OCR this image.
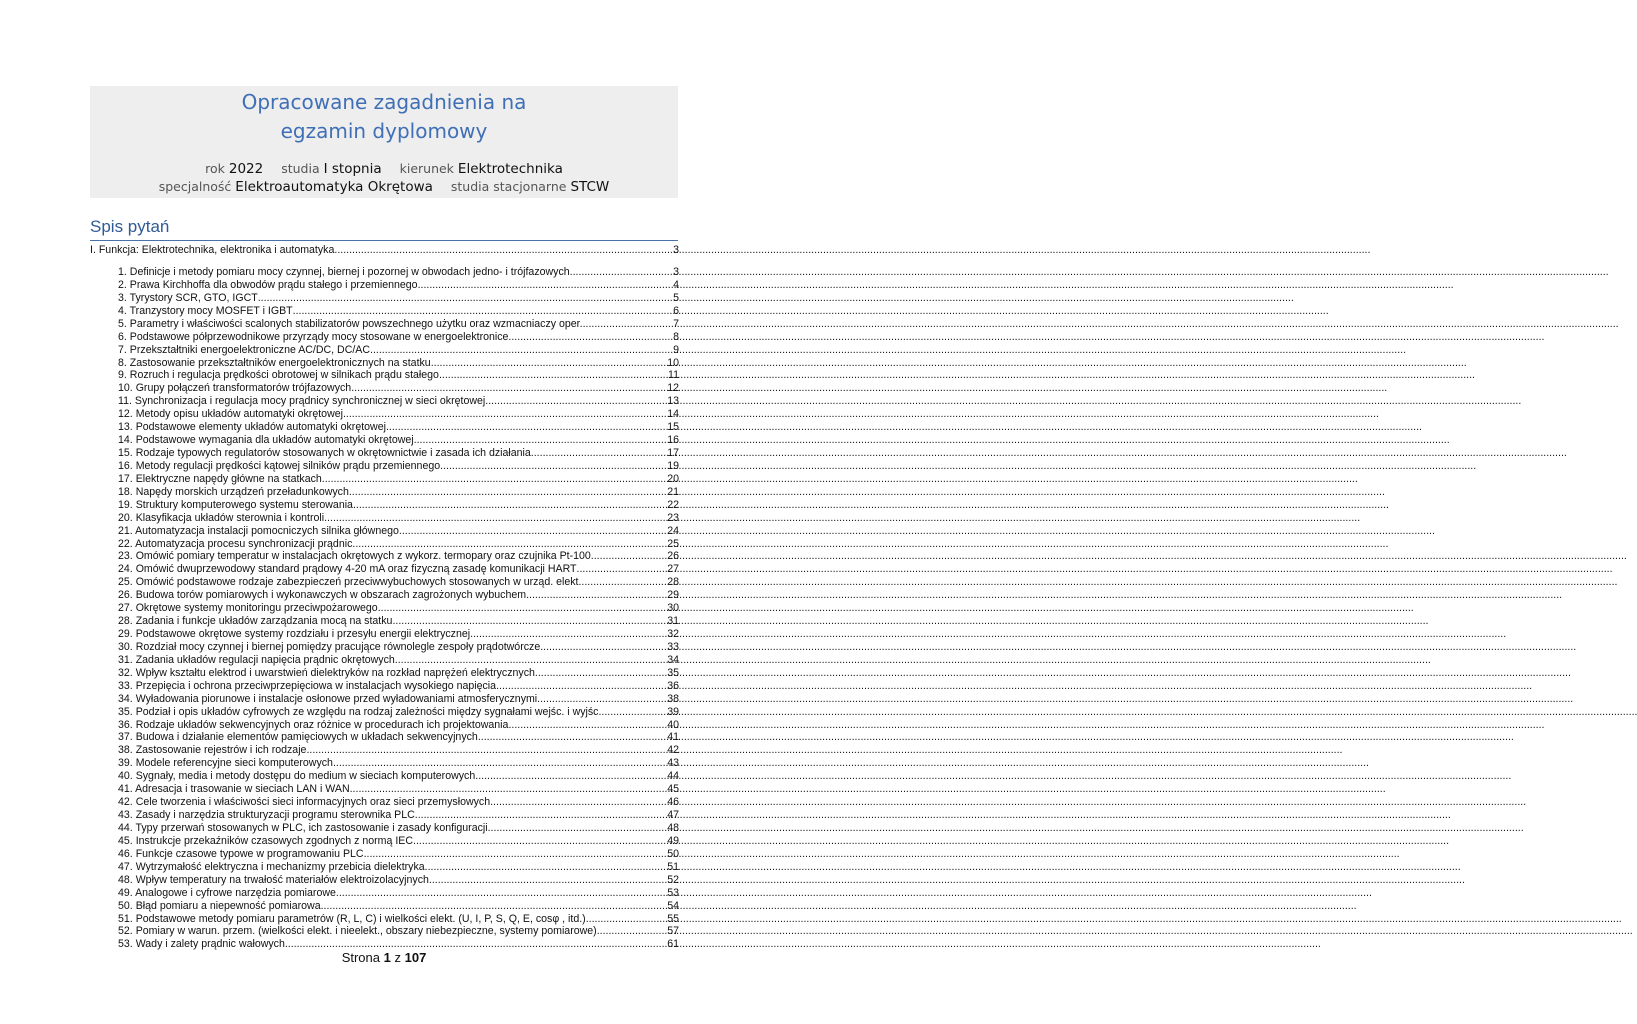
Opracowane zagadnienia na
egzamin dyplomowy
rok 2022 studia I stopnia kierunek Elektrotechnika
specjalność Elektroautomatyka Okrętowa studia stacjonarne STCW
Spis pytań
I. Funkcja: Elektrotechnika, elektronika i automatyka .....	3
1. Definicje i metody pomiaru mocy czynnej, biernej i pozornej w obwodach jedno- i trójfazowych. .....	3
2. Prawa Kirchhoffa dla obwodów prądu stałego i przemiennego .....	4
3. Tyrystory SCR, GTO, IGCT .....	5
4. Tranzystory mocy MOSFET i IGBT .....	6
5. Parametry i właściwości scalonych stabilizatorów powszechnego użytku oraz wzmacniaczy oper. .....	7
6. Podstawowe półprzewodnikowe przyrządy mocy stosowane w energoelektronice .....	8
7. Przekształtniki energoelektroniczne AC/DC, DC/AC .....	9
8. Zastosowanie przekształtników energoelektronicznych na statku .....	10
9. Rozruch i regulacja prędkości obrotowej w silnikach prądu stałego .....	11
10. Grupy połączeń transformatorów trójfazowych .....	12
11. Synchronizacja i regulacja mocy prądnicy synchronicznej w sieci okrętowej .....	13
12. Metody opisu układów automatyki okrętowej .....	14
13. Podstawowe elementy układów automatyki okrętowej .....	15
14. Podstawowe wymagania dla układów automatyki okrętowej .....	16
15. Rodzaje typowych regulatorów stosowanych w okrętownictwie i zasada ich działania .....	17
16. Metody regulacji prędkości kątowej silników prądu przemiennego .....	19
17. Elektryczne napędy główne na statkach .....	20
18. Napędy morskich urządzeń przeładunkowych .....	21
19. Struktury komputerowego systemu sterowania .....	22
20. Klasyfikacja układów sterownia i kontroli .....	23
21. Automatyzacja instalacji pomocniczych silnika głównego .....	24
22. Automatyzacja procesu synchronizacji prądnic .....	25
23. Omówić pomiary temperatur w instalacjach okrętowych z wykorz. termopary oraz czujnika Pt-100 .....	26
24. Omówić dwuprzewodowy standard prądowy 4-20 mA oraz fizyczną zasadę komunikacji HART .....	27
25. Omówić podstawowe rodzaje zabezpieczeń przeciwwybuchowych stosowanych w urząd. elekt. .....	28
26. Budowa torów pomiarowych i wykonawczych w obszarach zagrożonych wybuchem .....	29
27. Okrętowe systemy monitoringu przeciwpożarowego .....	30
28. Zadania i funkcje układów zarządzania mocą na statku .....	31
29. Podstawowe okrętowe systemy rozdziału i przesyłu energii elektrycznej .....	32
30. Rozdział mocy czynnej i biernej pomiędzy pracujące równolegle zespoły prądotwórcze .....	33
31. Zadania układów regulacji napięcia prądnic okrętowych .....	34
32. Wpływ kształtu elektrod i uwarstwień dielektryków na rozkład naprężeń elektrycznych .....	35
33. Przepięcia i ochrona przeciwprzepięciowa w instalacjach wysokiego napięcia .....	36
34. Wyładowania piorunowe i instalacje osłonowe przed wyładowaniami atmosferycznymi .....	38
35. Podział i opis układów cyfrowych ze względu na rodzaj zależności między sygnałami wejśc. i wyjśc. .....	39
36. Rodzaje układów sekwencyjnych oraz różnice w procedurach ich projektowania .....	40
37. Budowa i działanie elementów pamięciowych w układach sekwencyjnych .....	41
38. Zastosowanie rejestrów i ich rodzaje .....	42
39. Modele referencyjne sieci komputerowych .....	43
40. Sygnały, media i metody dostępu do medium w sieciach komputerowych .....	44
41. Adresacja i trasowanie w sieciach LAN i WAN .....	45
42. Cele tworzenia i właściwości sieci informacyjnych oraz sieci przemysłowych .....	46
43. Zasady i narzędzia strukturyzacji programu sterownika PLC .....	47
44. Typy przerwań stosowanych w PLC, ich zastosowanie i zasady konfiguracji .....	48
45. Instrukcje przekaźników czasowych zgodnych z normą IEC .....	49
46. Funkcje czasowe typowe w programowaniu PLC .....	50
47. Wytrzymałość elektryczna i mechanizmy przebicia dielektryka .....	51
48. Wpływ temperatury na trwałość materiałów elektroizolacyjnych .....	52
49. Analogowe i cyfrowe narzędzia pomiarowe .....	53
50. Błąd pomiaru a niepewność pomiarowa .....	54
51. Podstawowe metody pomiaru parametrów (R, L, C) i wielkości elekt. (U, I, P, S, Q, E, cosφ , itd.) .....	55
52. Pomiary w warun. przem. (wielkości elekt. i nieelekt., obszary niebezpieczne, systemy pomiarowe) .....	57
53. Wady i zalety prądnic wałowych .....	61
Strona 1 z 107
